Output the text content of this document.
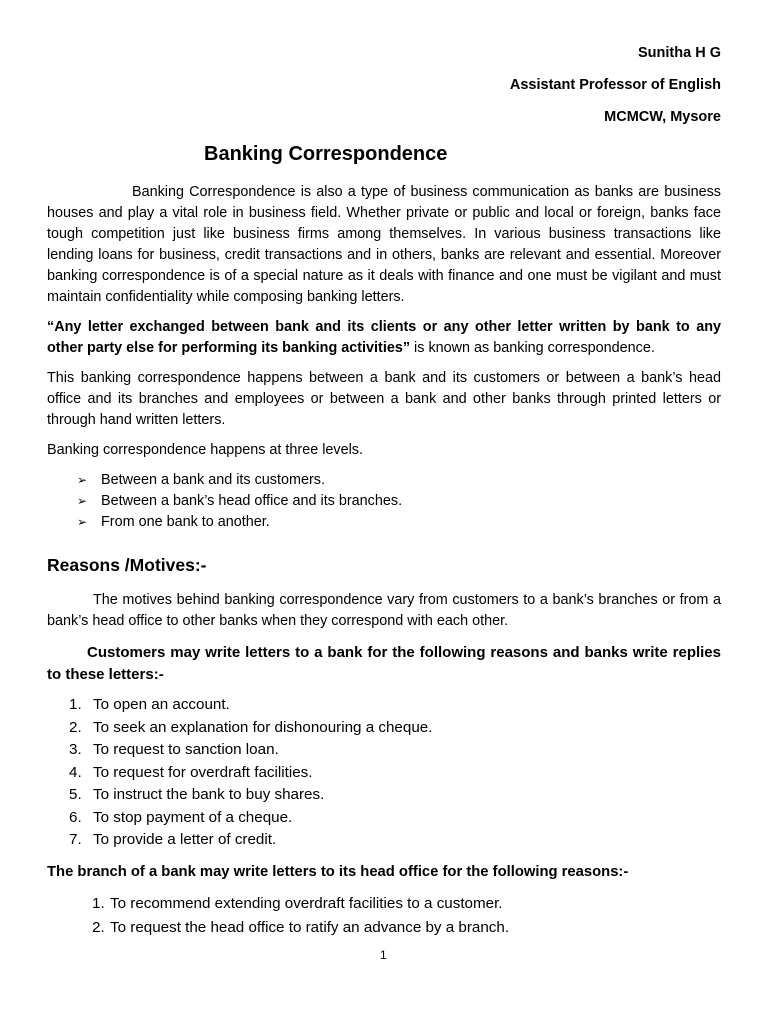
Sunitha H G
Assistant Professor of English
MCMCW, Mysore
Banking Correspondence

Banking Correspondence is also a type of business communication as banks are business houses and play a vital role in business field. Whether private or public and local or foreign, banks face tough competition just like business firms among themselves. In various business transactions like lending loans for business, credit transactions and in others, banks are relevant and essential. Moreover banking correspondence is of a special nature as it deals with finance and one must be vigilant and must maintain confidentiality while composing banking letters.

“Any letter exchanged between bank and its clients or any other letter written by bank to any other party else for performing its banking activities” is known as banking correspondence.

This banking correspondence happens between a bank and its customers or between a bank’s head office and its branches and employees or between a bank and other banks through printed letters or through hand written letters.

Banking correspondence happens at three levels.

➢ Between a bank and its customers.
➢ Between a bank’s head office and its branches.
➢ From one bank to another.
Reasons /Motives:-

The motives behind banking correspondence vary from customers to a bank’s branches or from a bank’s head office to other banks when they correspond with each other.

Customers may write letters to a bank for the following reasons and banks write replies to these letters:-

1. To open an account.
2. To seek an explanation for dishonouring a cheque.
3. To request to sanction loan.
4. To request for overdraft facilities.
5. To instruct the bank to buy shares.
6. To stop payment of a cheque.
7. To provide a letter of credit.

The branch of a bank may write letters to its head office for the following reasons:-

1. To recommend extending overdraft facilities to a customer.
2. To request the head office to ratify an advance by a branch.
1
